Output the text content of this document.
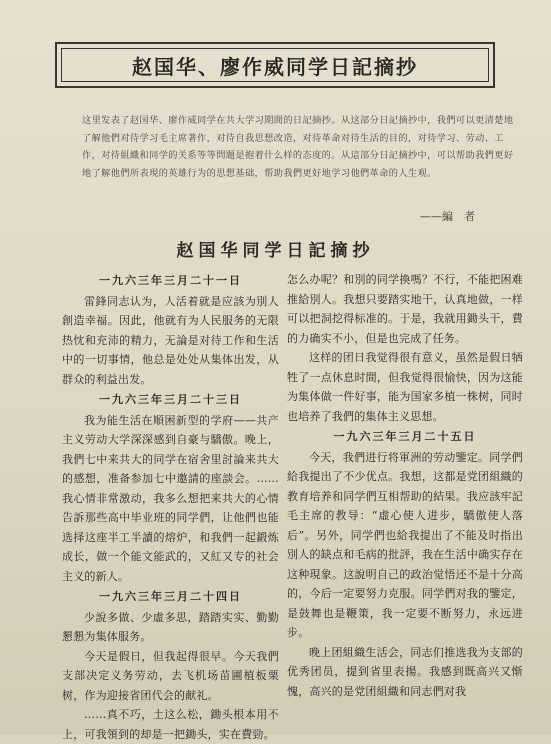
赵国华、廖作威同学日記摘抄
这里发表了赵国华、廖作威同学在共大学习期間的日記摘抄。从这部分日記摘抄中，我們可以更清楚地了解他們对待学习毛主席著作，对待自我思想改造，对待革命对待生活的目的，对待学习、劳动、工作，对待組織和同学的关系等等問題是抱着什么样的态度的。从這部分日記摘抄中，可以帮助我們更好地了解他們所表現的英雄行为的思想基础，帮助我們更好地学习他們革命的人生观。
——編　者
赵国华同学日記摘抄
一九六三年三月二十一日
雷鋒同志认为，人活着就是应該为別人創造幸福。因此，他就有为人民服务的无限热忱和充沛的精力，无論是对待工作和生活中的一切事情，他总是处处从集体出发，从群众的利益出发。
一九六三年三月二十三日
我为能生活在順困新型的学府——共产主义劳动大学深深感到自豪与驕傲。晚上，我們七中来共大的同学在宿舍里討論来共大的感想，准备参加七中邀請的座談会。……我心情非常激动，我多么想把来共大的心情告訴那些高中毕业班的同学們，让他們也能选择这座半工半讀的熔炉，和我們一起鍛炼成长，做一个能文能武的，又紅又专的社会主义的新人。
一九六三年三月二十四日
少說多做、少虛多思，踏踏实实、勤勤懇懇为集体服务。
今天是假日，但我起得很早。今天我們支部决定义务劳动，去飞机场苗圃植板栗树，作为迎接省团代会的献礼。
……真不巧，土这么松，鋤头根本用不上，可我領到的却是一把鋤头，实在費勁。
怎么办呢？和別的同学換嗎？不行，不能把困难推給別人。我想只要踏实地干，认真地做，一样可以把洞挖得标准的。于是，我就用鋤头干，費的力确实不小，但是也完成了任务。
这样的团日我觉得很有意义，虽然是假日牺牲了一点休息时間，但我觉得很愉快，因为这能为集体做一件好事，能为国家多植一株树，同时也培养了我們的集体主义思想。
一九六三年三月二十五日
今天，我們进行将軍洲的劳动鑒定。同学們給我提出了不少优点。我想，这都是党团組織的教育培养和同学們互相帮助的結果。我应該牢記毛主席的教导：“虛心使人进步，驕傲使人落后”。另外，同学們也給我提出了不能及时指出別人的缺点和毛病的批評，我在生活中确实存在这种現象。这說明自己的政治觉悟还不是十分高的，今后一定要努力克服。同学們对我的鑒定，是鼓舞也是鞭策，我一定要不断努力，永远进步。
晚上团組織生活会，同志们推选我为支部的优秀团员，提到省里表揚。我感到既高兴又惭愧，高兴的是党团組織和同志們对我
